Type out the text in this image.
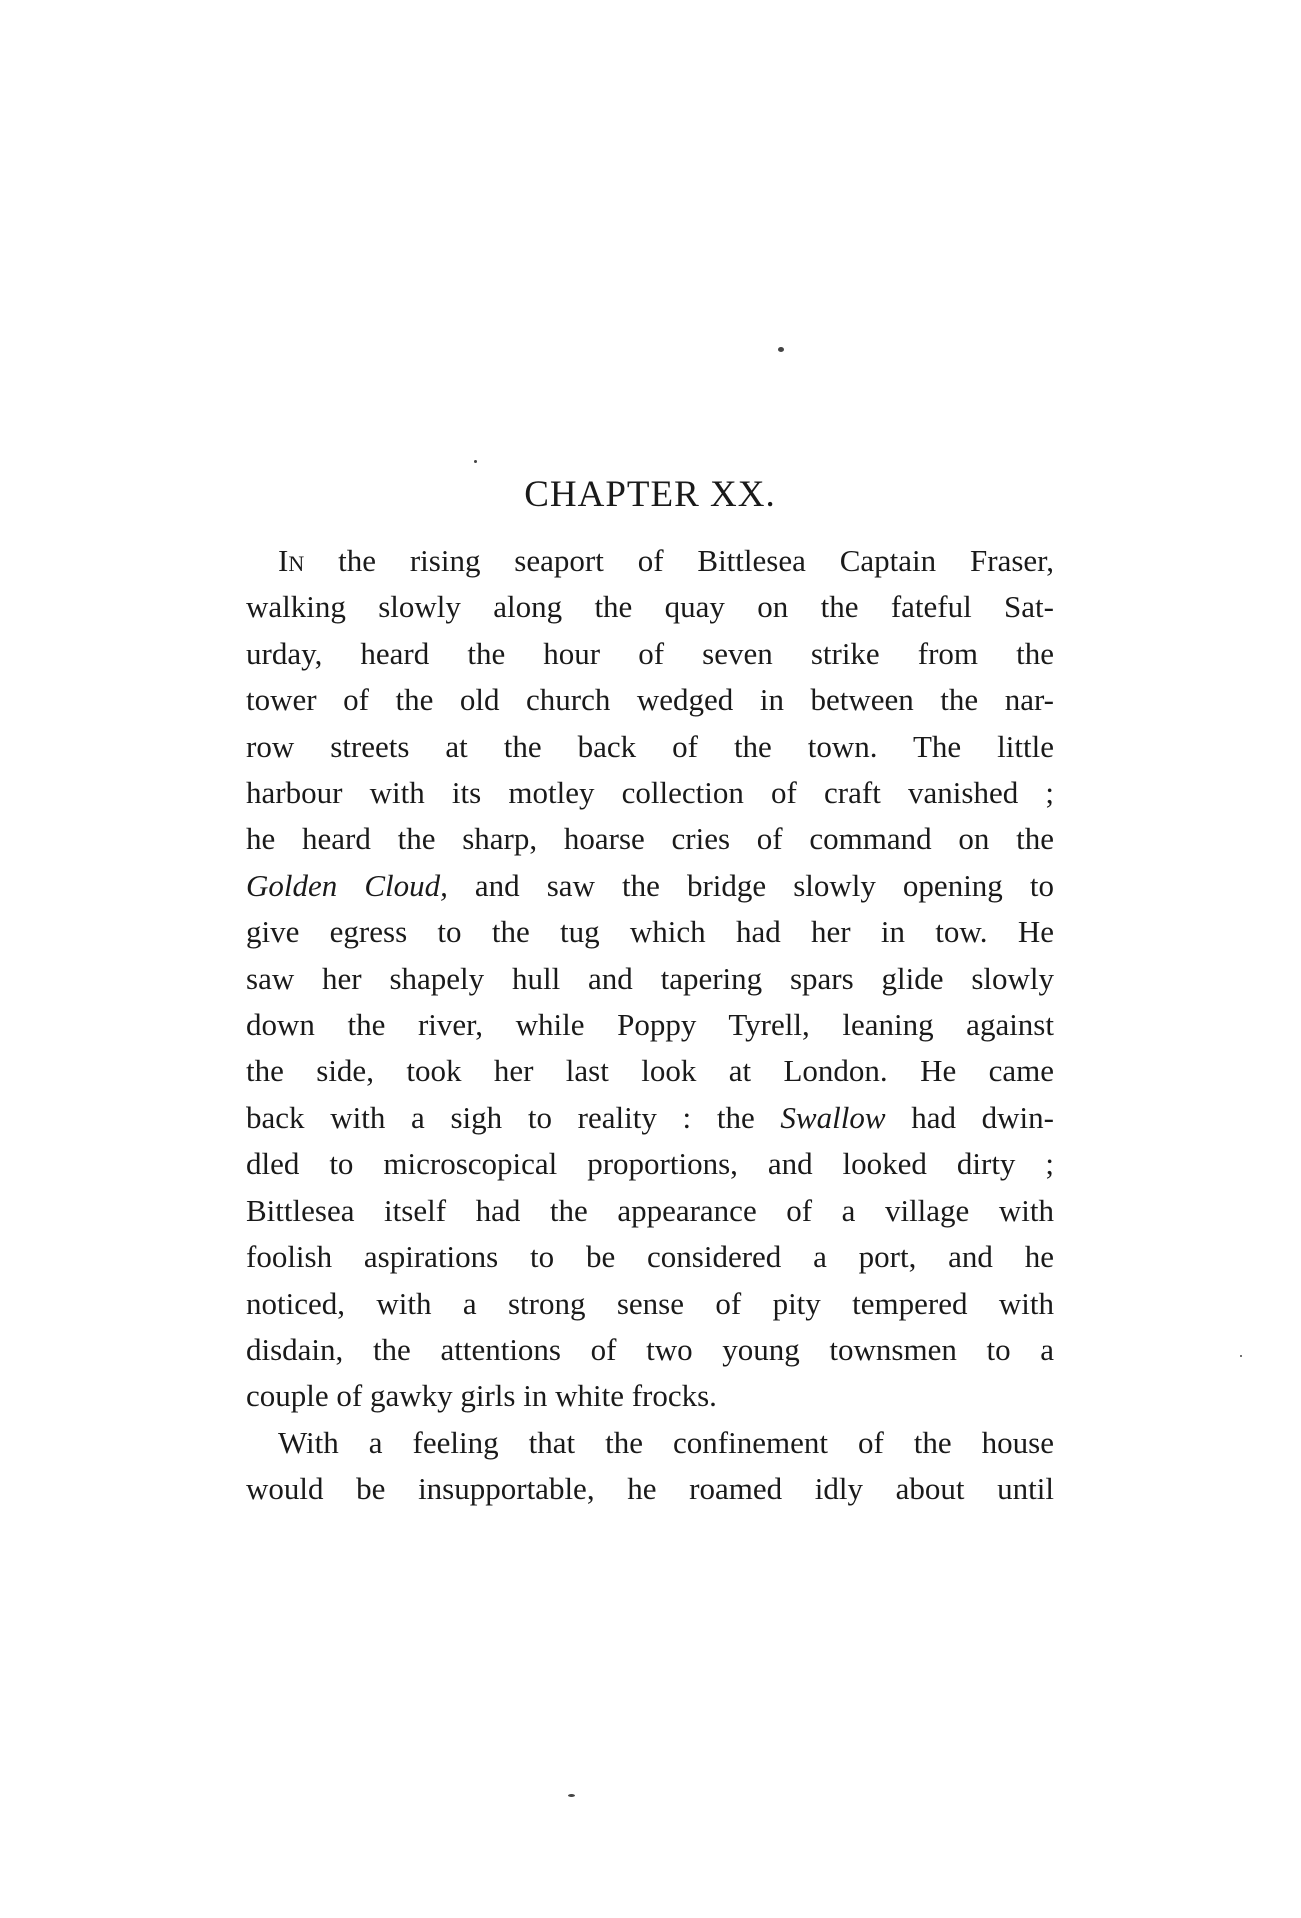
CHAPTER XX.

In the rising seaport of Bittlesea Captain Fraser,
walking slowly along the quay on the fateful Sat-
urday, heard the hour of seven strike from the
tower of the old church wedged in between the nar-
row streets at the back of the town. The little
harbour with its motley collection of craft vanished ;
he heard the sharp, hoarse cries of command on the
Golden Cloud, and saw the bridge slowly opening to
give egress to the tug which had her in tow. He
saw her shapely hull and tapering spars glide slowly
down the river, while Poppy Tyrell, leaning against
the side, took her last look at London. He came
back with a sigh to reality : the Swallow had dwin-
dled to microscopical proportions, and looked dirty ;
Bittlesea itself had the appearance of a village with
foolish aspirations to be considered a port, and he
noticed, with a strong sense of pity tempered with
disdain, the attentions of two young townsmen to a
couple of gawky girls in white frocks.

With a feeling that the confinement of the house
would be insupportable, he roamed idly about until
